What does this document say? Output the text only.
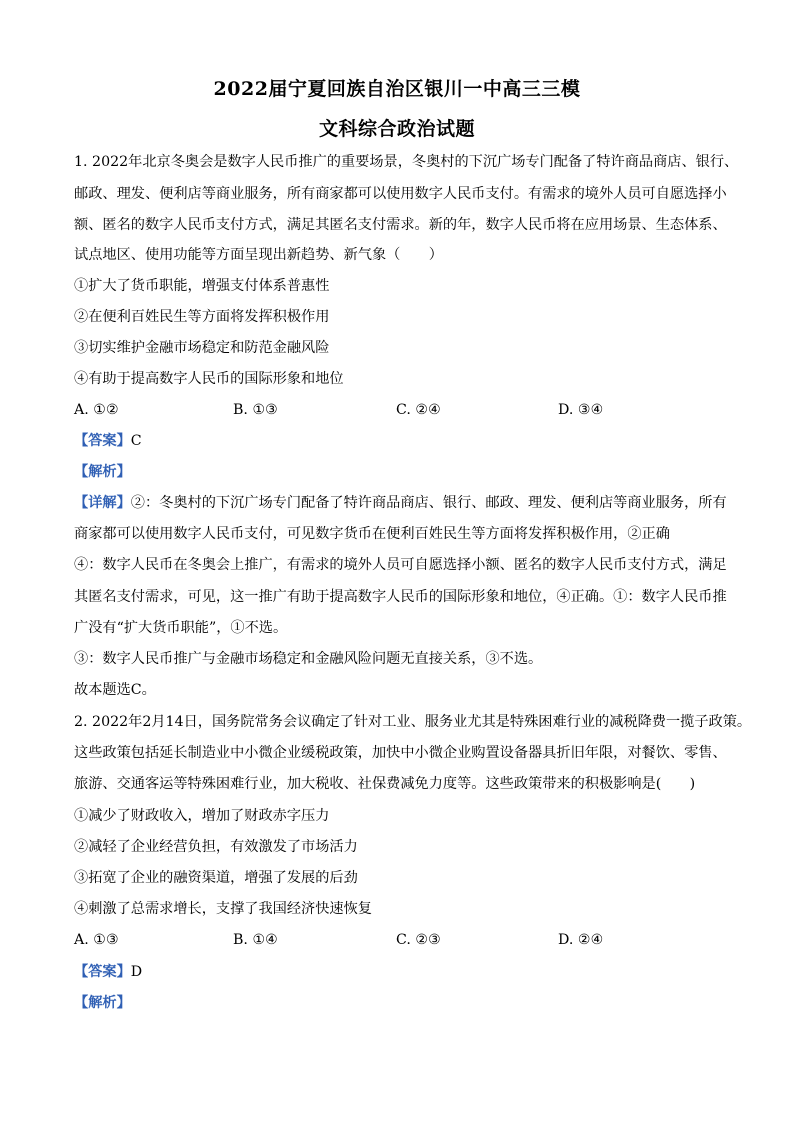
2022届宁夏回族自治区银川一中高三三模
文科综合政治试题
1. 2022年北京冬奥会是数字人民币推广的重要场景，冬奥村的下沉广场专门配备了特许商品商店、银行、
邮政、理发、便利店等商业服务，所有商家都可以使用数字人民币支付。有需求的境外人员可自愿选择小
额、匿名的数字人民币支付方式，满足其匿名支付需求。新的年，数字人民币将在应用场景、生态体系、
试点地区、使用功能等方面呈现出新趋势、新气象（　　）
①扩大了货币职能，增强支付体系普惠性
②在便利百姓民生等方面将发挥积极作用
③切实维护金融市场稳定和防范金融风险
④有助于提高数字人民币的国际形象和地位
A. ①②	B. ①③	C. ②④	D. ③④
【答案】C
【解析】
【详解】②：冬奥村的下沉广场专门配备了特许商品商店、银行、邮政、理发、便利店等商业服务，所有
商家都可以使用数字人民币支付，可见数字货币在便利百姓民生等方面将发挥积极作用，②正确
④：数字人民币在冬奥会上推广，有需求的境外人员可自愿选择小额、匿名的数字人民币支付方式，满足
其匿名支付需求，可见，这一推广有助于提高数字人民币的国际形象和地位，④正确。①：数字人民币推
广没有“扩大货币职能”，①不选。
③：数字人民币推广与金融市场稳定和金融风险问题无直接关系，③不选。
故本题选C。
2. 2022年2月14日，国务院常务会议确定了针对工业、服务业尤其是特殊困难行业的减税降费一揽子政策。
这些政策包括延长制造业中小微企业缓税政策，加快中小微企业购置设备器具折旧年限，对餐饮、零售、
旅游、交通客运等特殊困难行业，加大税收、社保费减免力度等。这些政策带来的积极影响是(　　)
①减少了财政收入，增加了财政赤字压力
②减轻了企业经营负担，有效激发了市场活力
③拓宽了企业的融资渠道，增强了发展的后劲
④刺激了总需求增长，支撑了我国经济快速恢复
A. ①③	B. ①④	C. ②③	D. ②④
【答案】D
【解析】
